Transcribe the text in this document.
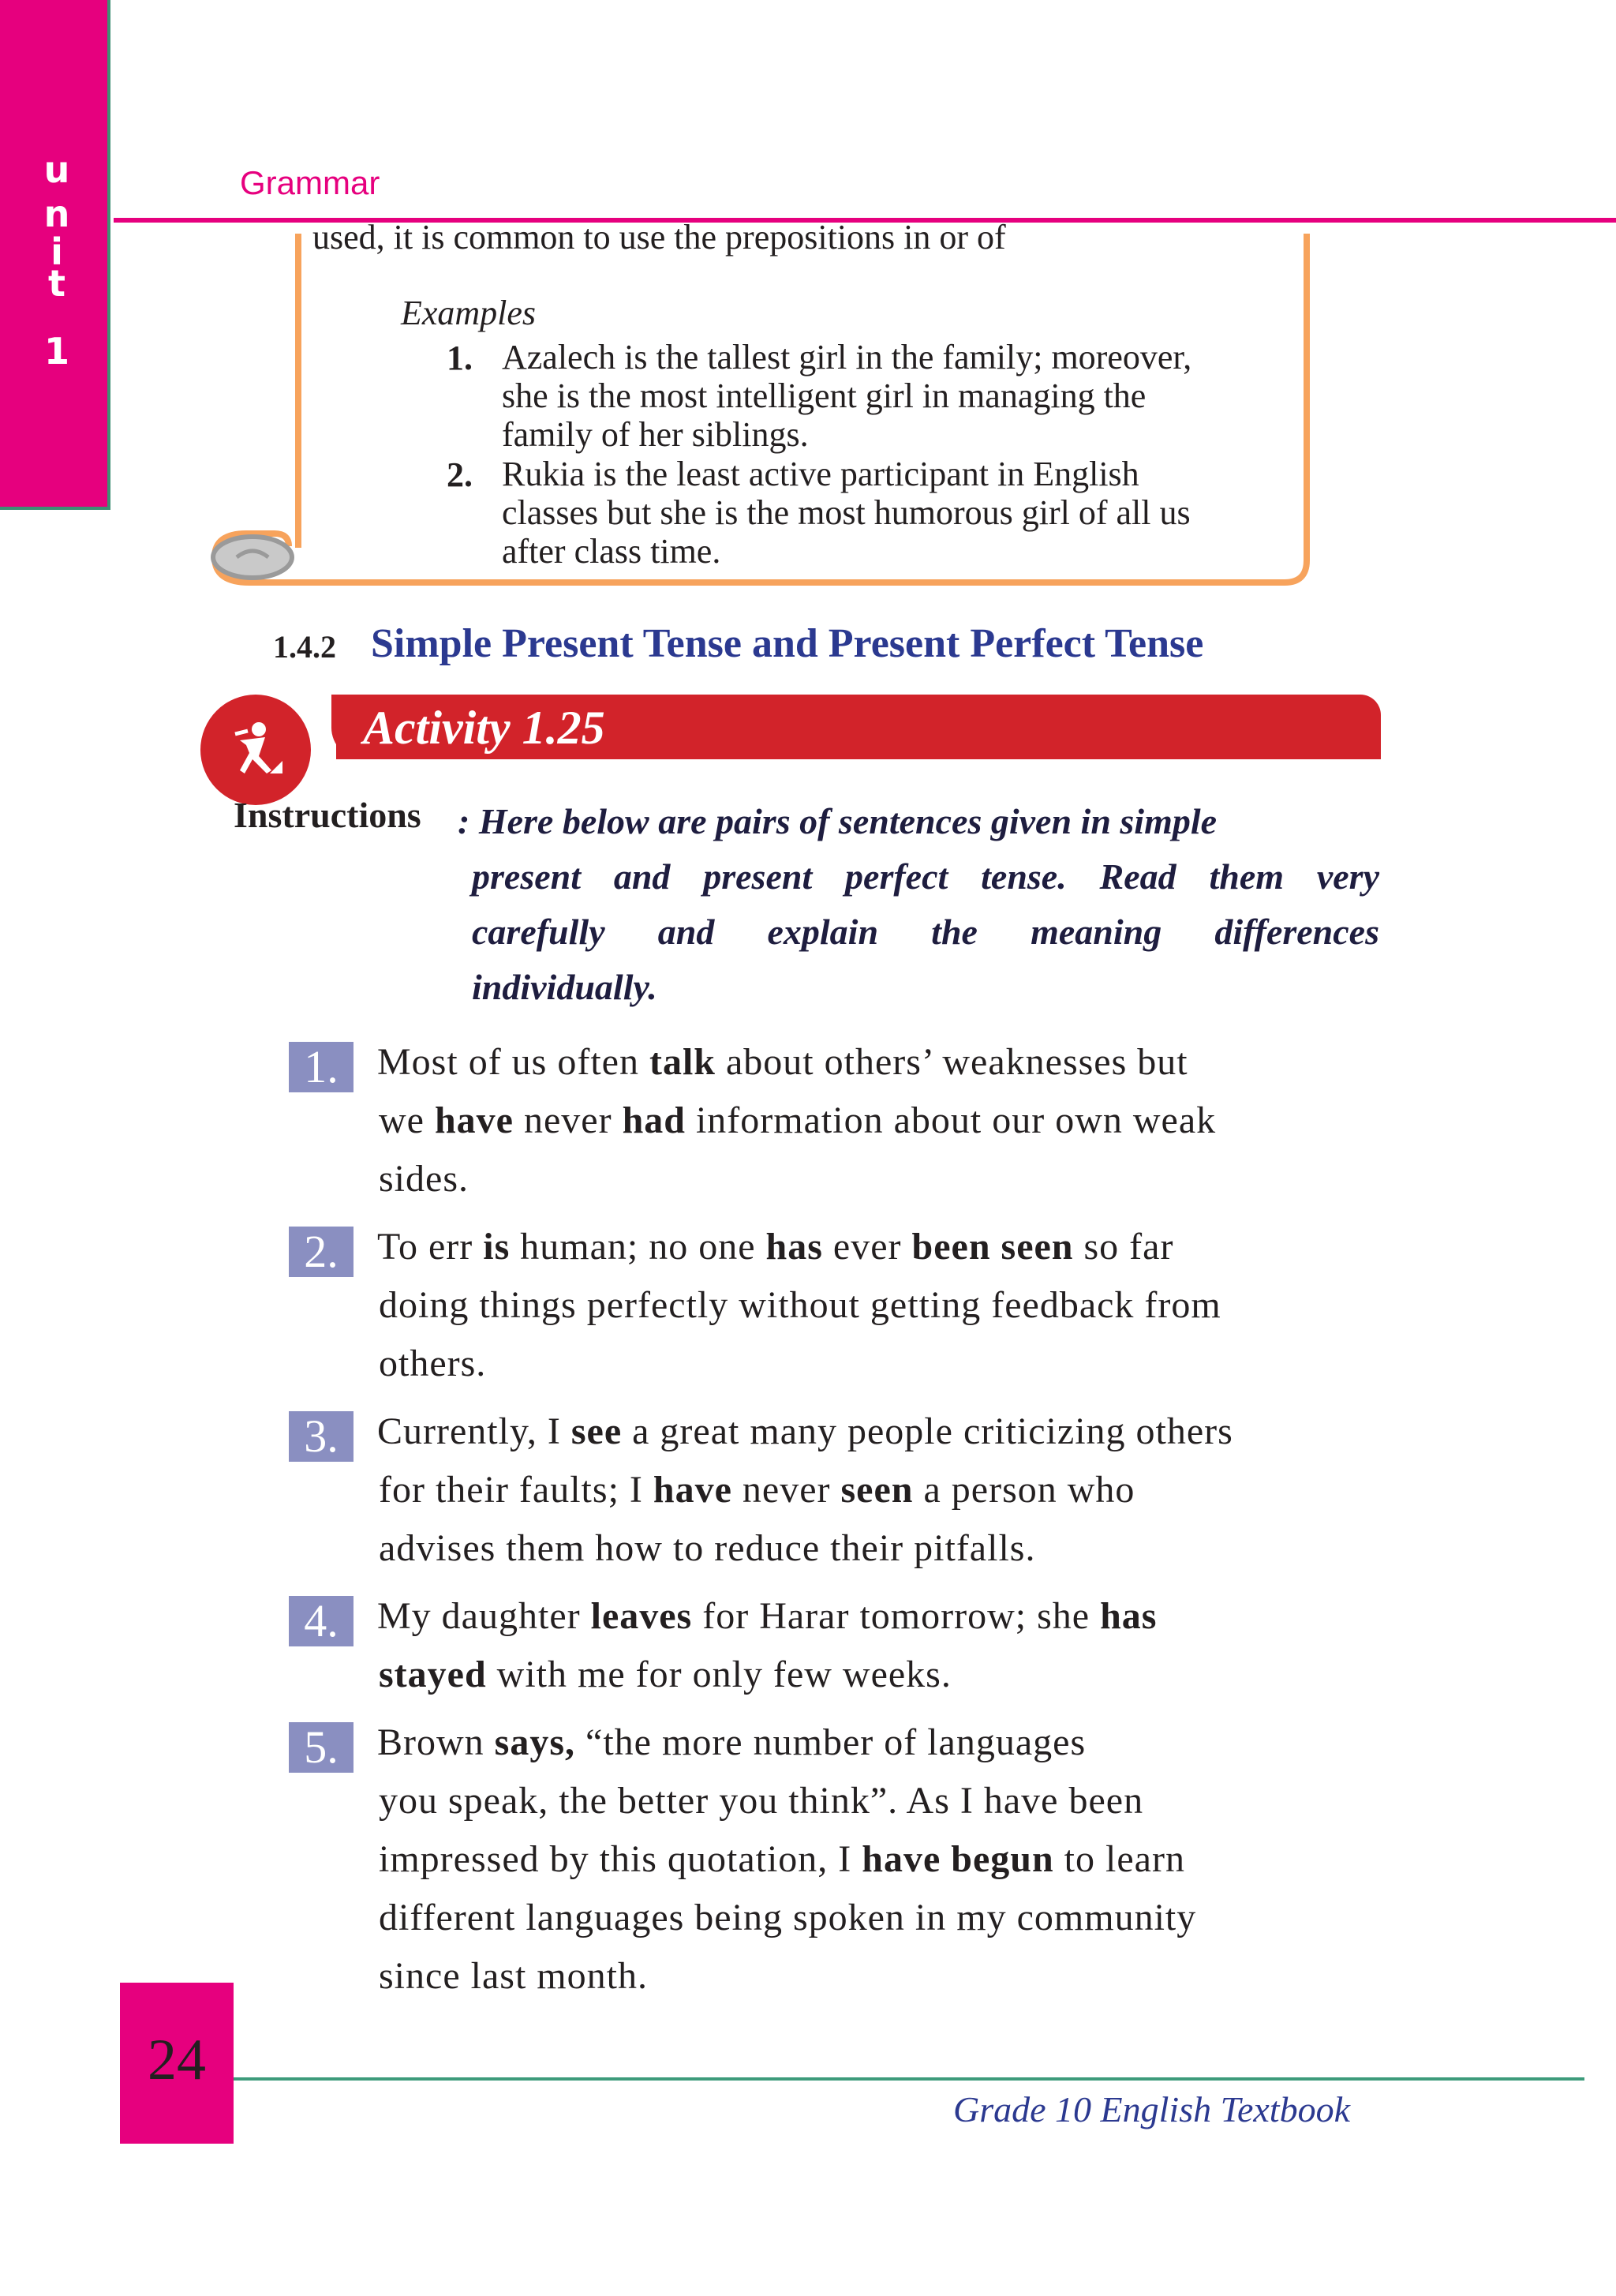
u
n
i
t
1
Grammar
used, it is common to use the prepositions in or of
Examples
1. Azalech is the tallest girl in the family; moreover,
she is the most intelligent girl in managing the
family of her siblings.
2. Rukia is the least active participant in English
classes but she is the most humorous girl of all us
after class time.
1.4.2 Simple Present Tense and Present Perfect Tense
Activity 1.25
Instructions : Here below are pairs of sentences given in simple
present and present perfect tense. Read them very
carefully and explain the meaning differences
individually.
1.	Most of us often talk about others’ weaknesses but
we have never had information about our own weak
sides.
2.	To err is human; no one has ever been seen so far
doing things perfectly without getting feedback from
others.
3.	Currently, I see a great many people criticizing others
for their faults; I have never seen a person who
advises them how to reduce their pitfalls.
4.	My daughter leaves for Harar tomorrow; she has
stayed with me for only few weeks.
5.	Brown says, “the more number of languages
you speak, the better you think”. As I have been
impressed by this quotation, I have begun to learn
different languages being spoken in my community
since last month.
24
Grade 10 English Textbook
